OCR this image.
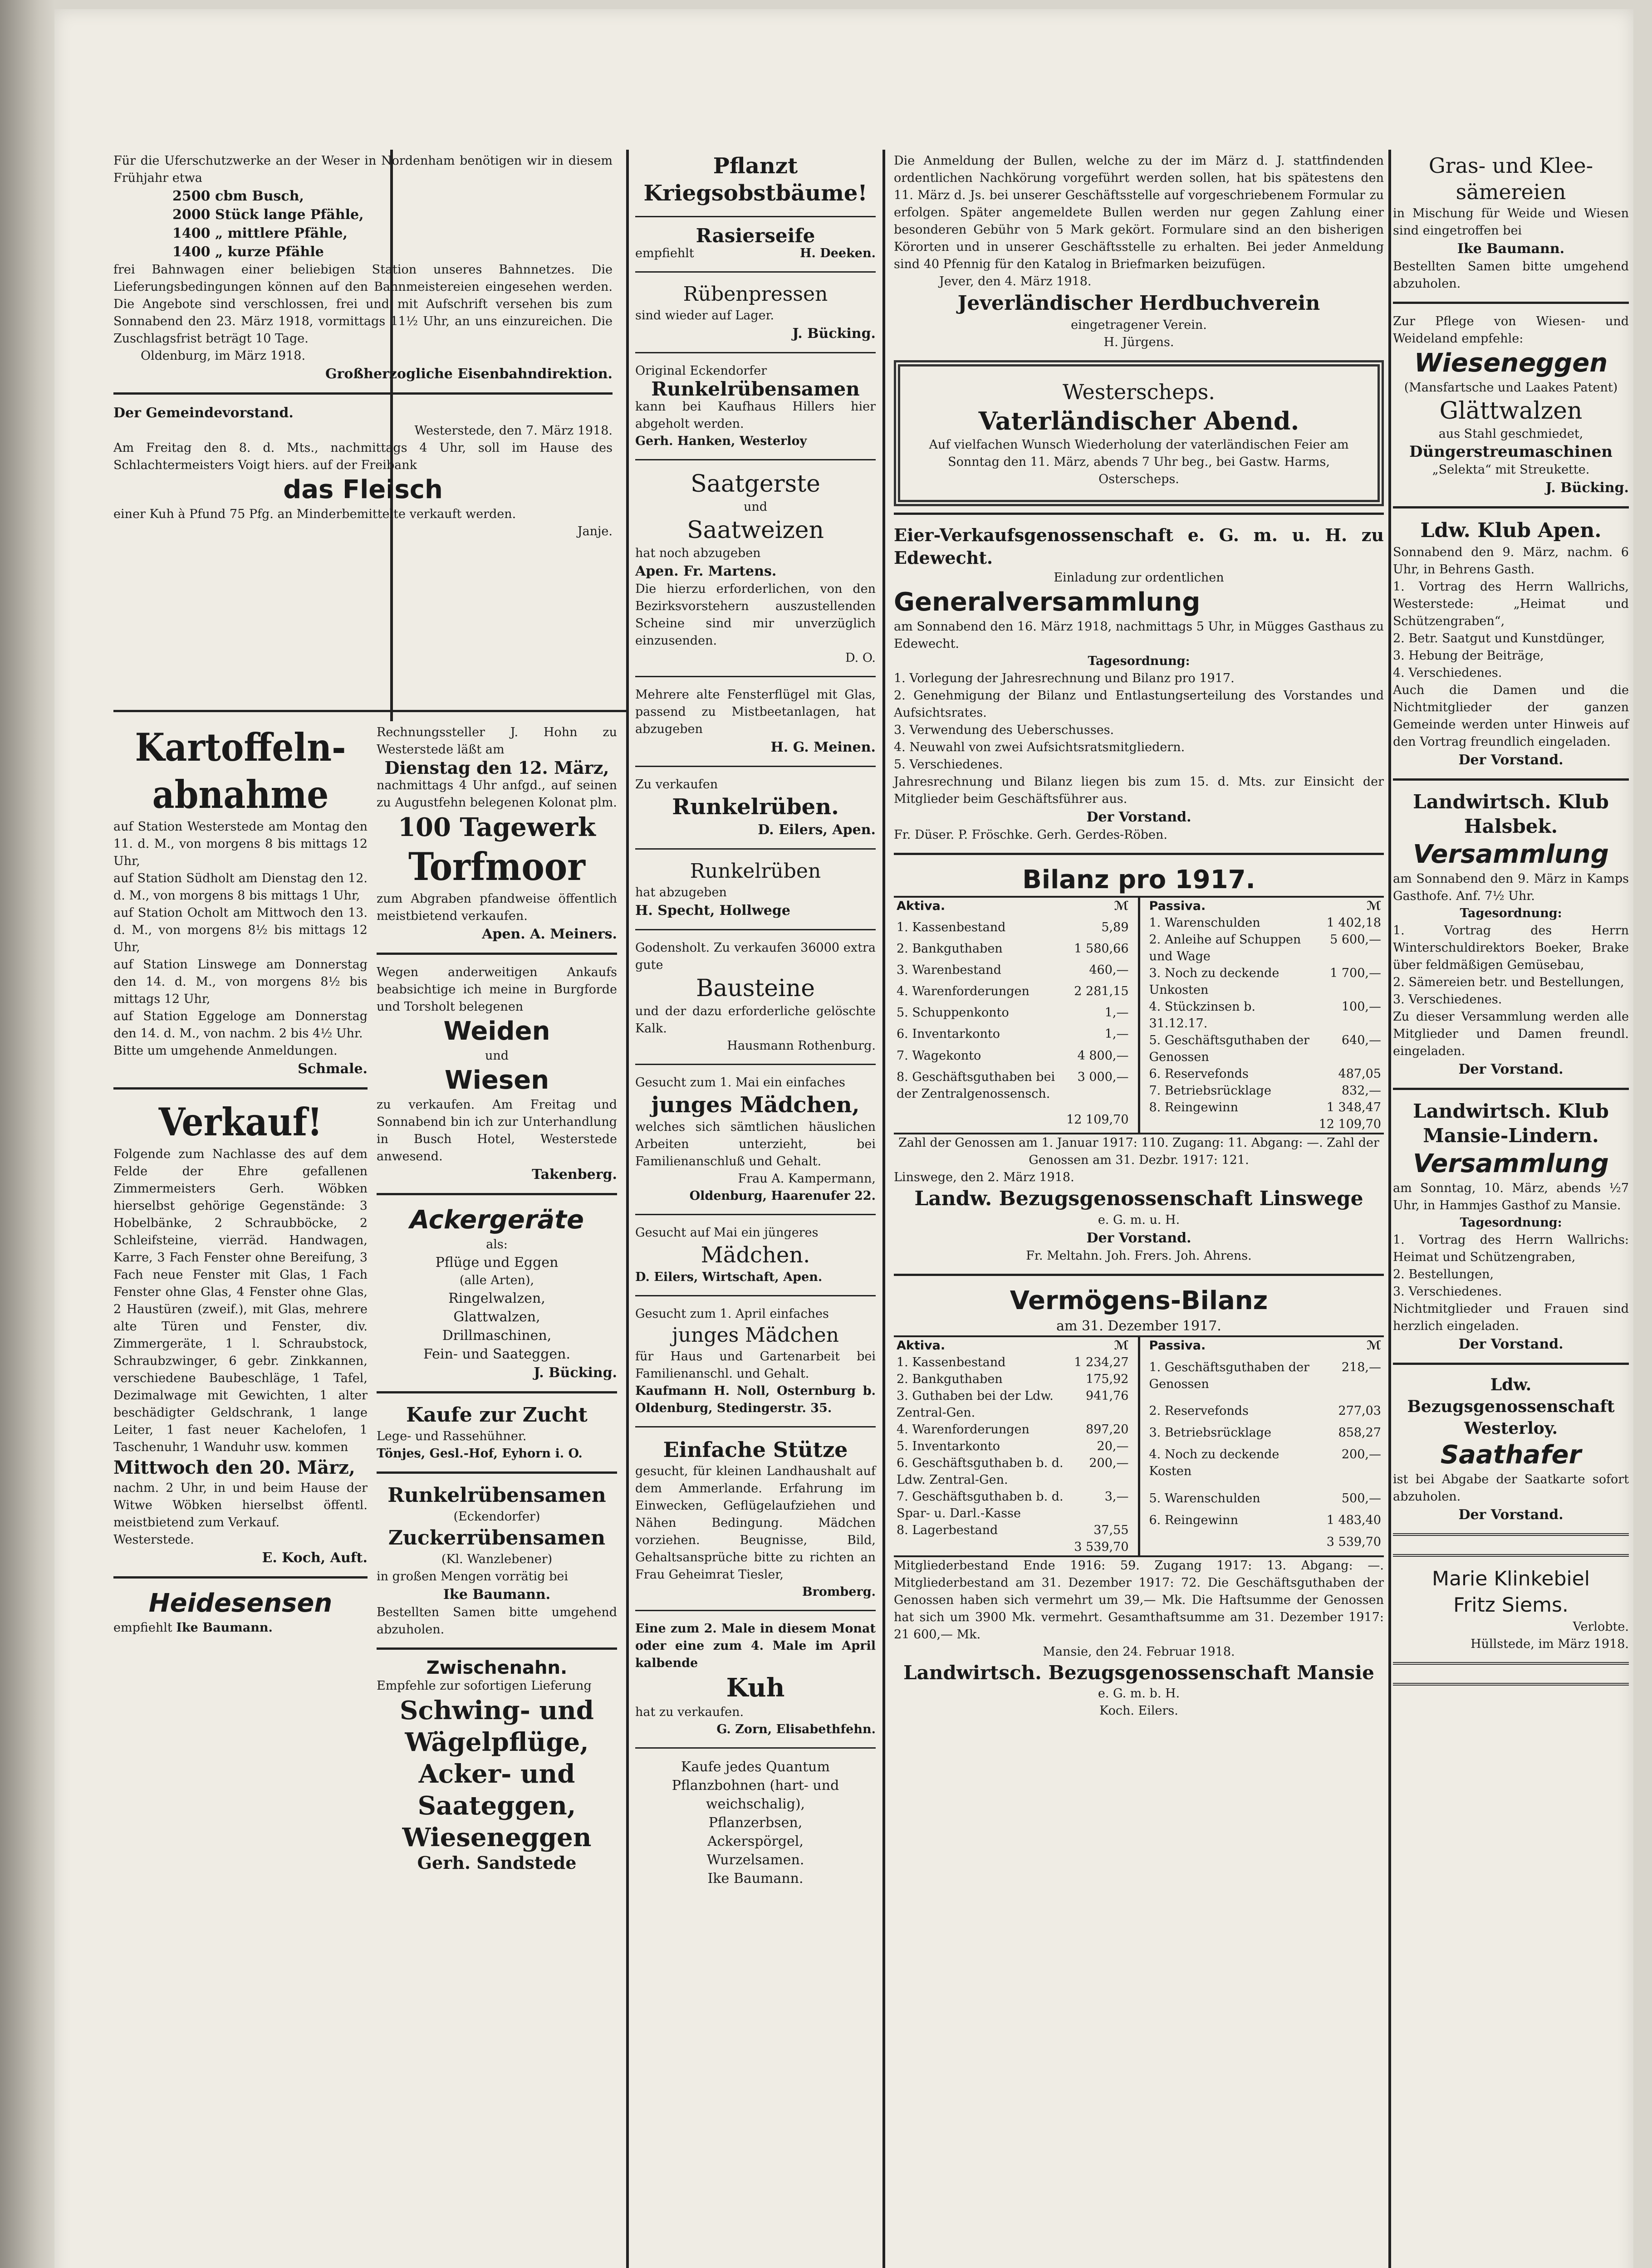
Für die Uferschutzwerke an der Weser in Nordenham benötigen wir in diesem Frühjahr etwa

2500 cbm Busch,

2000 Stück lange Pfähle,

1400 „ mittlere Pfähle,

1400 „ kurze Pfähle

frei Bahnwagen einer beliebigen Station unseres Bahnnetzes. Die Lieferungsbedingungen können auf den Bahnmeistereien eingesehen werden. Die Angebote sind verschlossen, frei und mit Aufschrift versehen bis zum Sonnabend den 23. März 1918, vormittags 11½ Uhr, an uns einzureichen. Die Zuschlagsfrist beträgt 10 Tage.

Oldenburg, im März 1918.

Großherzogliche Eisenbahndirektion.

Der Gemeindevorstand.

Westerstede, den 7. März 1918.

Am Freitag den 8. d. Mts., nachmittags 4 Uhr, soll im Hause des Schlachtermeisters Voigt hiers. auf der Freibank

das Fleisch

einer Kuh à Pfund 75 Pfg. an Minderbemittelte verkauft werden.

Janje.

Kartoffeln-

abnahme

auf Station Westerstede am Montag den 11. d. M., von morgens 8 bis mittags 12 Uhr,

auf Station Südholt am Dienstag den 12. d. M., von morgens 8 bis mittags 1 Uhr,

auf Station Ocholt am Mittwoch den 13. d. M., von morgens 8½ bis mittags 12 Uhr,

auf Station Linswege am Donnerstag den 14. d. M., von morgens 8½ bis mittags 12 Uhr,

auf Station Eggeloge am Donnerstag den 14. d. M., von nachm. 2 bis 4½ Uhr.

Bitte um umgehende Anmeldungen.

Schmale.

Verkauf!

Folgende zum Nachlasse des auf dem Felde der Ehre gefallenen Zimmermeisters Gerh. Wöbken hierselbst gehörige Gegenstände: 3 Hobelbänke, 2 Schraubböcke, 2 Schleifsteine, vierräd. Handwagen, Karre, 3 Fach Fenster ohne Bereifung, 3 Fach neue Fenster mit Glas, 1 Fach Fenster ohne Glas, 4 Fenster ohne Glas, 2 Haustüren (zweif.), mit Glas, mehrere alte Türen und Fenster, div. Zimmergeräte, 1 l. Schraubstock, Schraubzwinger, 6 gebr. Zinkkannen, verschiedene Baubeschläge, 1 Tafel, Dezimalwage mit Gewichten, 1 alter beschädigter Geldschrank, 1 lange Leiter, 1 fast neuer Kachelofen, 1 Taschenuhr, 1 Wanduhr usw. kommen

Mittwoch den 20. März,

nachm. 2 Uhr, in und beim Hause der Witwe Wöbken hierselbst öffentl. meistbietend zum Verkauf.

Westerstede.

E. Koch, Auft.

Heidesensen

empfiehlt Ike Baumann.

Rechnungssteller J. Hohn zu Westerstede läßt am

Dienstag den 12. März,

nachmittags 4 Uhr anfgd., auf seinen zu Augustfehn belegenen Kolonat plm.

100 Tagewerk

Torfmoor

zum Abgraben pfandweise öffentlich meistbietend verkaufen.

Apen. A. Meiners.

Wegen anderweitigen Ankaufs beabsichtige ich meine in Burgforde und Torsholt belegenen

Weiden

und

Wiesen

zu verkaufen. Am Freitag und Sonnabend bin ich zur Unterhandlung in Busch Hotel, Westerstede anwesend.

Takenberg.

Ackergeräte

als:

Pflüge und Eggen

(alle Arten),

Ringelwalzen,

Glattwalzen,

Drillmaschinen,

Fein- und Saateggen.

J. Bücking.

Kaufe zur Zucht

Lege- und Rassehühner.

Tönjes, Gesl.-Hof, Eyhorn i. O.

Runkelrübensamen

(Eckendorfer)

Zuckerrübensamen

(Kl. Wanzlebener)

in großen Mengen vorrätig bei

Ike Baumann.

Bestellten Samen bitte umgehend abzuholen.

Zwischenahn.

Empfehle zur sofortigen Lieferung

Schwing- und

Wägelpflüge,

Acker- und

Saateggen,

Wieseneggen

Gerh. Sandstede

Pflanzt

Kriegsobstbäume!

Rasierseife

empfiehlt	H. Deeken.

Rübenpressen

sind wieder auf Lager.

J. Bücking.

Original Eckendorfer

Runkelrübensamen

kann bei Kaufhaus Hillers hier abgeholt werden.

Gerh. Hanken, Westerloy

Saatgerste

und

Saatweizen

hat noch abzugeben

Apen. Fr. Martens.

Die hierzu erforderlichen, von den Bezirksvorstehern auszustellenden Scheine sind mir unverzüglich einzusenden.

D. O.

Mehrere alte Fensterflügel mit Glas, passend zu Mistbeetanlagen, hat abzugeben

H. G. Meinen.

Zu verkaufen

Runkelrüben.

D. Eilers, Apen.

Runkelrüben

hat abzugeben

H. Specht, Hollwege

Godensholt. Zu verkaufen 36000 extra gute

Bausteine

und der dazu erforderliche gelöschte Kalk.

Hausmann Rothenburg.

Gesucht zum 1. Mai ein einfaches

junges Mädchen,

welches sich sämtlichen häuslichen Arbeiten unterzieht, bei Familienanschluß und Gehalt.

Frau A. Kampermann,

Oldenburg, Haarenufer 22.

Gesucht auf Mai ein jüngeres

Mädchen.

D. Eilers, Wirtschaft, Apen.

Gesucht zum 1. April einfaches

junges Mädchen

für Haus und Gartenarbeit bei Familienanschl. und Gehalt.

Kaufmann H. Noll, Osternburg b. Oldenburg, Stedingerstr. 35.

Einfache Stütze

gesucht, für kleinen Landhaushalt auf dem Ammerlande. Erfahrung im Einwecken, Geflügelaufziehen und Nähen Bedingung. Mädchen vorziehen. Beugnisse, Bild, Gehaltsansprüche bitte zu richten an Frau Geheimrat Tiesler,

Bromberg.

Eine zum 2. Male in diesem Monat oder eine zum 4. Male im April kalbende

Kuh

hat zu verkaufen.

G. Zorn, Elisabethfehn.

Kaufe jedes Quantum

Pflanzbohnen (hart- und

weichschalig),

Pflanzerbsen,

Ackerspörgel,

Wurzelsamen.

Ike Baumann.

Die Anmeldung der Bullen, welche zu der im März d. J. stattfindenden ordentlichen Nachkörung vorgeführt werden sollen, hat bis spätestens den 11. März d. Js. bei unserer Geschäftsstelle auf vorgeschriebenem Formular zu erfolgen. Später angemeldete Bullen werden nur gegen Zahlung einer besonderen Gebühr von 5 Mark gekört. Formulare sind an den bisherigen Körorten und in unserer Geschäftsstelle zu erhalten. Bei jeder Anmeldung sind 40 Pfennig für den Katalog in Briefmarken beizufügen.

Jever, den 4. März 1918.

Jeverländischer Herdbuchverein

eingetragener Verein.

H. Jürgens.

Westerscheps.

Vaterländischer Abend.

Auf vielfachen Wunsch Wiederholung der vaterländischen Feier am Sonntag den 11. März, abends 7 Uhr beg., bei Gastw. Harms, Osterscheps.

Eier-Verkaufsgenossenschaft e. G. m. u. H. zu Edewecht.

Einladung zur ordentlichen

Generalversammlung

am Sonnabend den 16. März 1918, nachmittags 5 Uhr, in Mügges Gasthaus zu Edewecht.

Tagesordnung:

1. Vorlegung der Jahresrechnung und Bilanz pro 1917.

2. Genehmigung der Bilanz und Entlastungserteilung des Vorstandes und Aufsichtsrates.

3. Verwendung des Ueberschusses.

4. Neuwahl von zwei Aufsichtsratsmitgliedern.

5. Verschiedenes.

Jahresrechnung und Bilanz liegen bis zum 15. d. Mts. zur Einsicht der Mitglieder beim Geschäftsführer aus.

Der Vorstand.

Fr. Düser. P. Fröschke. Gerh. Gerdes-Röben.

Bilanz pro 1917.

Aktiva.	ℳ
1. Kassenbestand	5,89
2. Bankguthaben	1 580,66
3. Warenbestand	460,—
4. Warenforderungen	2 281,15
5. Schuppenkonto	1,—
6. Inventarkonto	1,—
7. Wagekonto	4 800,—
8. Geschäftsguthaben bei der Zentralgenossensch.	3 000,—
	12 109,70
Passiva.	ℳ
1. Warenschulden	1 402,18
2. Anleihe auf Schuppen und Wage	5 600,—
3. Noch zu deckende Unkosten	1 700,—
4. Stückzinsen b. 31.12.17.	100,—
5. Geschäftsguthaben der Genossen	640,—
6. Reservefonds	487,05
7. Betriebsrücklage	832,—
8. Reingewinn	1 348,47
	12 109,70

Zahl der Genossen am 1. Januar 1917: 110. Zugang: 11. Abgang: —. Zahl der Genossen am 31. Dezbr. 1917: 121.

Linswege, den 2. März 1918.

Landw. Bezugsgenossenschaft Linswege

e. G. m. u. H.

Der Vorstand.

Fr. Meltahn. Joh. Frers. Joh. Ahrens.

Vermögens-Bilanz

am 31. Dezember 1917.

Aktiva.	ℳ
1. Kassenbestand	1 234,27
2. Bankguthaben	175,92
3. Guthaben bei der Ldw. Zentral-Gen.	941,76
4. Warenforderungen	897,20
5. Inventarkonto	20,—
6. Geschäftsguthaben b. d. Ldw. Zentral-Gen.	200,—
7. Geschäftsguthaben b. d. Spar- u. Darl.-Kasse	3,—
8. Lagerbestand	37,55
	3 539,70
Passiva.	ℳ
1. Geschäftsguthaben der Genossen	218,—
2. Reservefonds	277,03
3. Betriebsrücklage	858,27
4. Noch zu deckende Kosten	200,—
5. Warenschulden	500,—
6. Reingewinn	1 483,40
	3 539,70

Mitgliederbestand Ende 1916: 59. Zugang 1917: 13. Abgang: —. Mitgliederbestand am 31. Dezember 1917: 72. Die Geschäftsguthaben der Genossen haben sich vermehrt um 39,— Mk. Die Haftsumme der Genossen hat sich um 3900 Mk. vermehrt. Gesamthaftsumme am 31. Dezember 1917: 21 600,— Mk.

Mansie, den 24. Februar 1918.

Landwirtsch. Bezugsgenossenschaft Mansie

e. G. m. b. H.

Koch. Eilers.

Gras- und Klee-

sämereien

in Mischung für Weide und Wiesen sind eingetroffen bei

Ike Baumann.

Bestellten Samen bitte umgehend abzuholen.

Zur Pflege von Wiesen- und Weideland empfehle:

Wieseneggen

(Mansfartsche und Laakes Patent)

Glättwalzen

aus Stahl geschmiedet,

Düngerstreumaschinen

„Selekta“ mit Streukette.

J. Bücking.

Ldw. Klub Apen.

Sonnabend den 9. März, nachm. 6 Uhr, in Behrens Gasth.

1. Vortrag des Herrn Wallrichs, Westerstede: „Heimat und Schützengraben“,

2. Betr. Saatgut und Kunstdünger,

3. Hebung der Beiträge,

4. Verschiedenes.

Auch die Damen und die Nichtmitglieder der ganzen Gemeinde werden unter Hinweis auf den Vortrag freundlich eingeladen.

Der Vorstand.

Landwirtsch. Klub

Halsbek.

Versammlung

am Sonnabend den 9. März in Kamps Gasthofe. Anf. 7½ Uhr.

Tagesordnung:

1. Vortrag des Herrn Winterschuldirektors Boeker, Brake über feldmäßigen Gemüsebau,

2. Sämereien betr. und Bestellungen,

3. Verschiedenes.

Zu dieser Versammlung werden alle Mitglieder und Damen freundl. eingeladen.

Der Vorstand.

Landwirtsch. Klub

Mansie-Lindern.

Versammlung

am Sonntag, 10. März, abends ½7 Uhr, in Hammjes Gasthof zu Mansie.

Tagesordnung:

1. Vortrag des Herrn Wallrichs: Heimat und Schützengraben,

2. Bestellungen,

3. Verschiedenes.

Nichtmitglieder und Frauen sind herzlich eingeladen.

Der Vorstand.

Ldw. Bezugsgenossenschaft

Westerloy.

Saathafer

ist bei Abgabe der Saatkarte sofort abzuholen.

Der Vorstand.

Marie Klinkebiel

Fritz Siems.

Verlobte.

Hüllstede, im März 1918.
